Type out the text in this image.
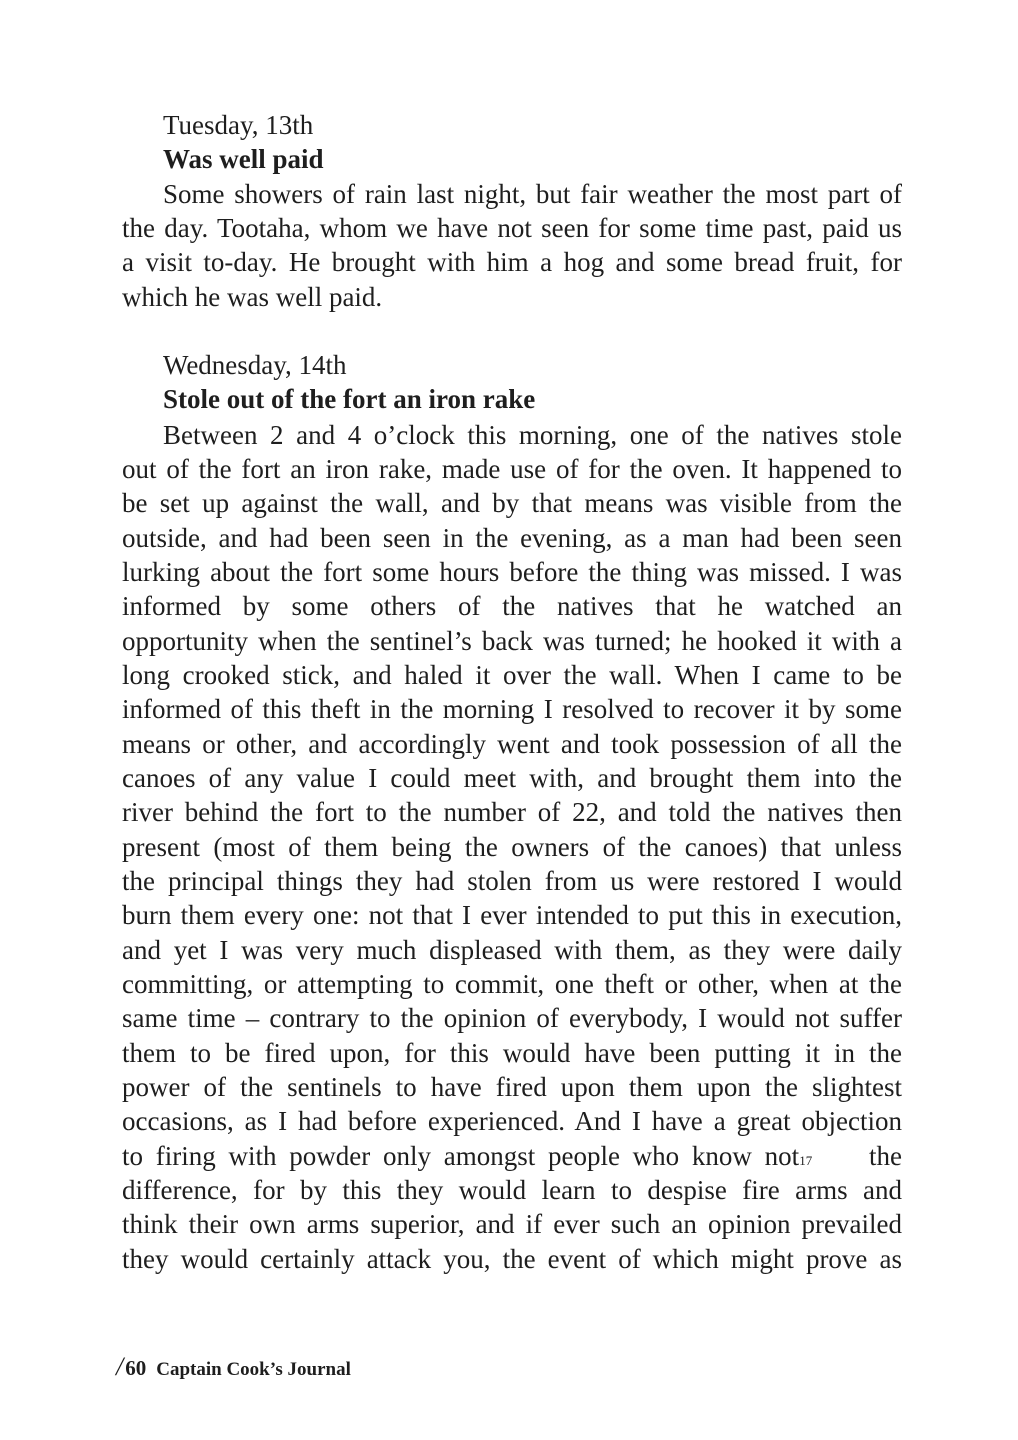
Tuesday, 13th
Was well paid
Some showers of rain last night, but fair weather the most part of
the day. Tootaha, whom we have not seen for some time past, paid us
a visit to-day. He brought with him a hog and some bread fruit, for
which he was well paid.
Wednesday, 14th
Stole out of the fort an iron rake
Between 2 and 4 o’clock this morning, one of the natives stole
out of the fort an iron rake, made use of for the oven. It happened to
be set up against the wall, and by that means was visible from the
outside, and had been seen in the evening, as a man had been seen
lurking about the fort some hours before the thing was missed. I was
informed by some others of the natives that he watched an
opportunity when the sentinel’s back was turned; he hooked it with a
long crooked stick, and haled it over the wall. When I came to be
informed of this theft in the morning I resolved to recover it by some
means or other, and accordingly went and took possession of all the
canoes of any value I could meet with, and brought them into the
river behind the fort to the number of 22, and told the natives then
present (most of them being the owners of the canoes) that unless
the principal things they had stolen from us were restored I would
burn them every one: not that I ever intended to put this in execution,
and yet I was very much displeased with them, as they were daily
committing, or attempting to commit, one theft or other, when at the
same time – contrary to the opinion of everybody, I would not suffer
them to be fired upon, for this would have been putting it in the
power of the sentinels to have fired upon them upon the slightest
occasions, as I had before experienced. And I have a great objection
to firing with powder only amongst people who know not 17 the
difference, for by this they would learn to despise fire arms and
think their own arms superior, and if ever such an opinion prevailed
they would certainly attack you, the event of which might prove as
/ 60 Captain Cook’s Journal
